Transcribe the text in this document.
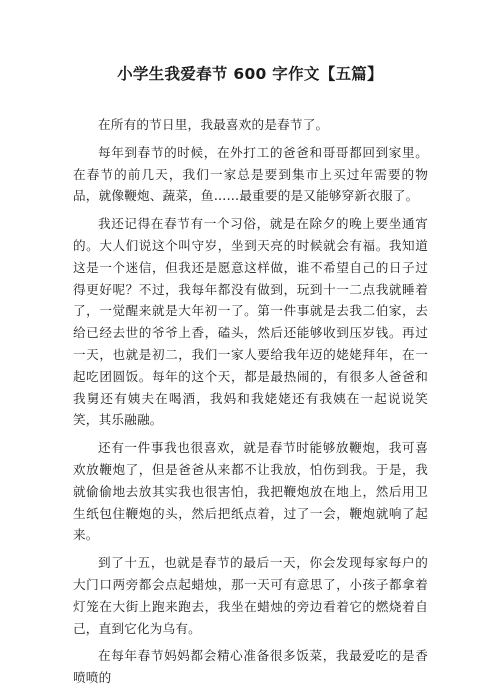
小学生我爱春节 600 字作文【五篇】

在所有的节日里，我最喜欢的是春节了。

每年到春节的时候，在外打工的爸爸和哥哥都回到家里。在春节的前几天，我们一家总是要到集市上买过年需要的物品，就像鞭炮、蔬菜，鱼……最重要的是又能够穿新衣服了。

我还记得在春节有一个习俗，就是在除夕的晚上要坐通宵的。大人们说这个叫守岁，坐到天亮的时候就会有福。我知道这是一个迷信，但我还是愿意这样做，谁不希望自己的日子过得更好呢？不过，我每年都没有做到，玩到十一二点我就睡着了，一觉醒来就是大年初一了。第一件事就是去我二伯家，去给已经去世的爷爷上香，磕头，然后还能够收到压岁钱。再过一天，也就是初二，我们一家人要给我年迈的姥姥拜年，在一起吃团圆饭。每年的这个天，都是最热闹的，有很多人爸爸和我舅还有姨夫在喝酒，我妈和我姥姥还有我姨在一起说说笑笑，其乐融融。

还有一件事我也很喜欢，就是春节时能够放鞭炮，我可喜欢放鞭炮了，但是爸爸从来都不让我放，怕伤到我。于是，我就偷偷地去放其实我也很害怕，我把鞭炮放在地上，然后用卫生纸包住鞭炮的头，然后把纸点着，过了一会，鞭炮就响了起来。

到了十五，也就是春节的最后一天，你会发现每家每户的大门口两旁都会点起蜡烛，那一天可有意思了，小孩子都拿着灯笼在大街上跑来跑去，我坐在蜡烛的旁边看着它的燃烧着自己，直到它化为乌有。

在每年春节妈妈都会精心准备很多饭菜，我最爱吃的是香喷喷的
